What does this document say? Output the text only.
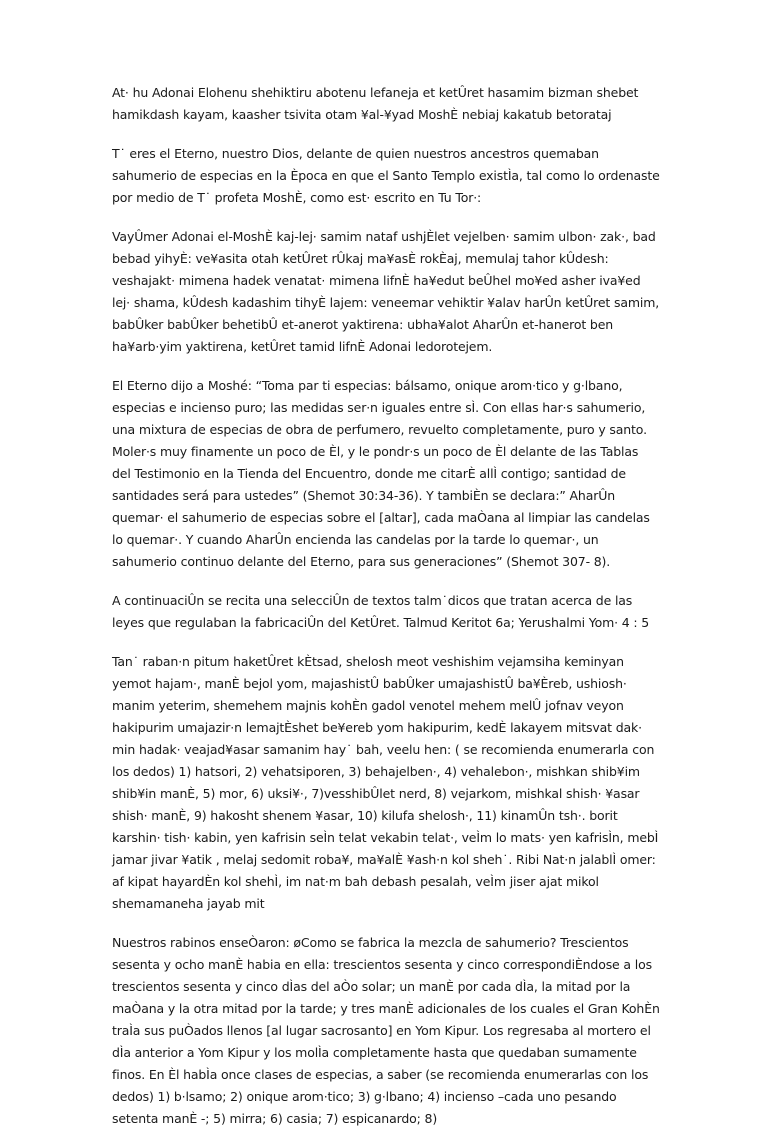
At· hu Adonai Elohenu shehiktiru abotenu lefaneja et ketÛret hasamim bizman shebet hamikdash kayam, kaasher tsivita otam ¥al-¥yad MoshÈ nebiaj kakatub betorataj

T˙ eres el Eterno, nuestro Dios, delante de quien nuestros ancestros quemaban sahumerio de especias en la Època en que el Santo Templo existÌa, tal como lo ordenaste por medio de T˙ profeta MoshÈ, como est· escrito en Tu Tor·:

VayÛmer Adonai el-MoshÈ kaj-lej· samim nataf ushjÈlet vejelben· samim ulbon· zak·, bad bebad yihyÈ: ve¥asita otah ketÛret rÛkaj ma¥asÈ rokÈaj, memulaj tahor kÛdesh: veshajakt· mimena hadek venatat· mimena lifnÈ ha¥edut beÛhel mo¥ed asher iva¥ed lej· shama, kÛdesh kadashim tihyÈ lajem: veneemar vehiktir ¥alav harÛn ketÛret samim, babÛker babÛker behetibÛ et-anerot yaktirena: ubha¥alot AharÛn et-hanerot ben ha¥arb·yim yaktirena, ketÛret tamid lifnÈ Adonai ledorotejem.

El Eterno dijo a Moshé: “Toma par ti especias: bálsamo, onique arom·tico y g·lbano, especias e incienso puro; las medidas ser·n iguales entre sÌ. Con ellas har·s sahumerio, una mixtura de especias de obra de perfumero, revuelto completamente, puro y santo. Moler·s muy finamente un poco de Èl, y le pondr·s un poco de Èl delante de las Tablas del Testimonio en la Tienda del Encuentro, donde me citarÈ allÌ contigo; santidad de santidades será para ustedes” (Shemot 30:34-36). Y tambiÈn se declara:” AharÛn quemar· el sahumerio de especias sobre el [altar], cada maÒana al limpiar las candelas lo quemar·. Y cuando AharÛn encienda las candelas por la tarde lo quemar·, un sahumerio continuo delante del Eterno, para sus generaciones” (Shemot 307- 8).

A continuaciÛn se recita una selecciÛn de textos talm˙dicos que tratan acerca de las leyes que regulaban la fabricaciÛn del KetÛret. Talmud Keritot 6a; Yerushalmi Yom· 4 : 5

Tan˙ raban·n pitum haketÛret kÈtsad, shelosh meot veshishim vejamsiha keminyan yemot hajam·, manÈ bejol yom, majashistÛ babÛker umajashistÛ ba¥Èreb, ushiosh· manim yeterim, shemehem majnis kohÈn gadol venotel mehem melÛ jofnav veyon hakipurim umajazir·n lemajtÈshet be¥ereb yom hakipurim, kedÈ lakayem mitsvat dak· min hadak· veajad¥asar samanim hay˙ bah, veelu hen: ( se recomienda enumerarla con los dedos) 1) hatsori, 2) vehatsiporen, 3) behajelben·, 4) vehalebon·, mishkan shib¥im shib¥in manÈ, 5) mor, 6) uksi¥·, 7)vesshibÛlet nerd, 8) vejarkom, mishkal shish· ¥asar shish· manÈ, 9) hakosht shenem ¥asar, 10) kilufa shelosh·, 11) kinamÛn tsh·. borit karshin· tish· kabin, yen kafrisin seÌn telat vekabin telat·, veÌm lo mats· yen kafrisÌn, mebÌ jamar jivar ¥atik , melaj sedomit roba¥, ma¥alÈ ¥ash·n kol sheh˙. Ribi Nat·n jalablÌ omer: af kipat hayardÈn kol shehÌ, im nat·m bah debash pesalah, veÌm jiser ajat mikol shemamaneha jayab mit

Nuestros rabinos enseÒaron: øComo se fabrica la mezcla de sahumerio? Trescientos sesenta y ocho manÈ habia en ella: trescientos sesenta y cinco correspondiÈndose a los trescientos sesenta y cinco dÌas del aÒo solar; un manÈ por cada dÌa, la mitad por la maÒana y la otra mitad por la tarde; y tres manÈ adicionales de los cuales el Gran KohÈn traÌa sus puÒados llenos [al lugar sacrosanto] en Yom Kipur. Los regresaba al mortero el dÌa anterior a Yom Kipur y los molÌa completamente hasta que quedaban sumamente finos. En Èl habÌa once clases de especias, a saber (se recomienda enumerarlas con los dedos) 1) b·lsamo; 2) onique arom·tico; 3) g·lbano; 4) incienso –cada uno pesando setenta manÈ -; 5) mirra; 6) casia; 7) espicanardo; 8)
